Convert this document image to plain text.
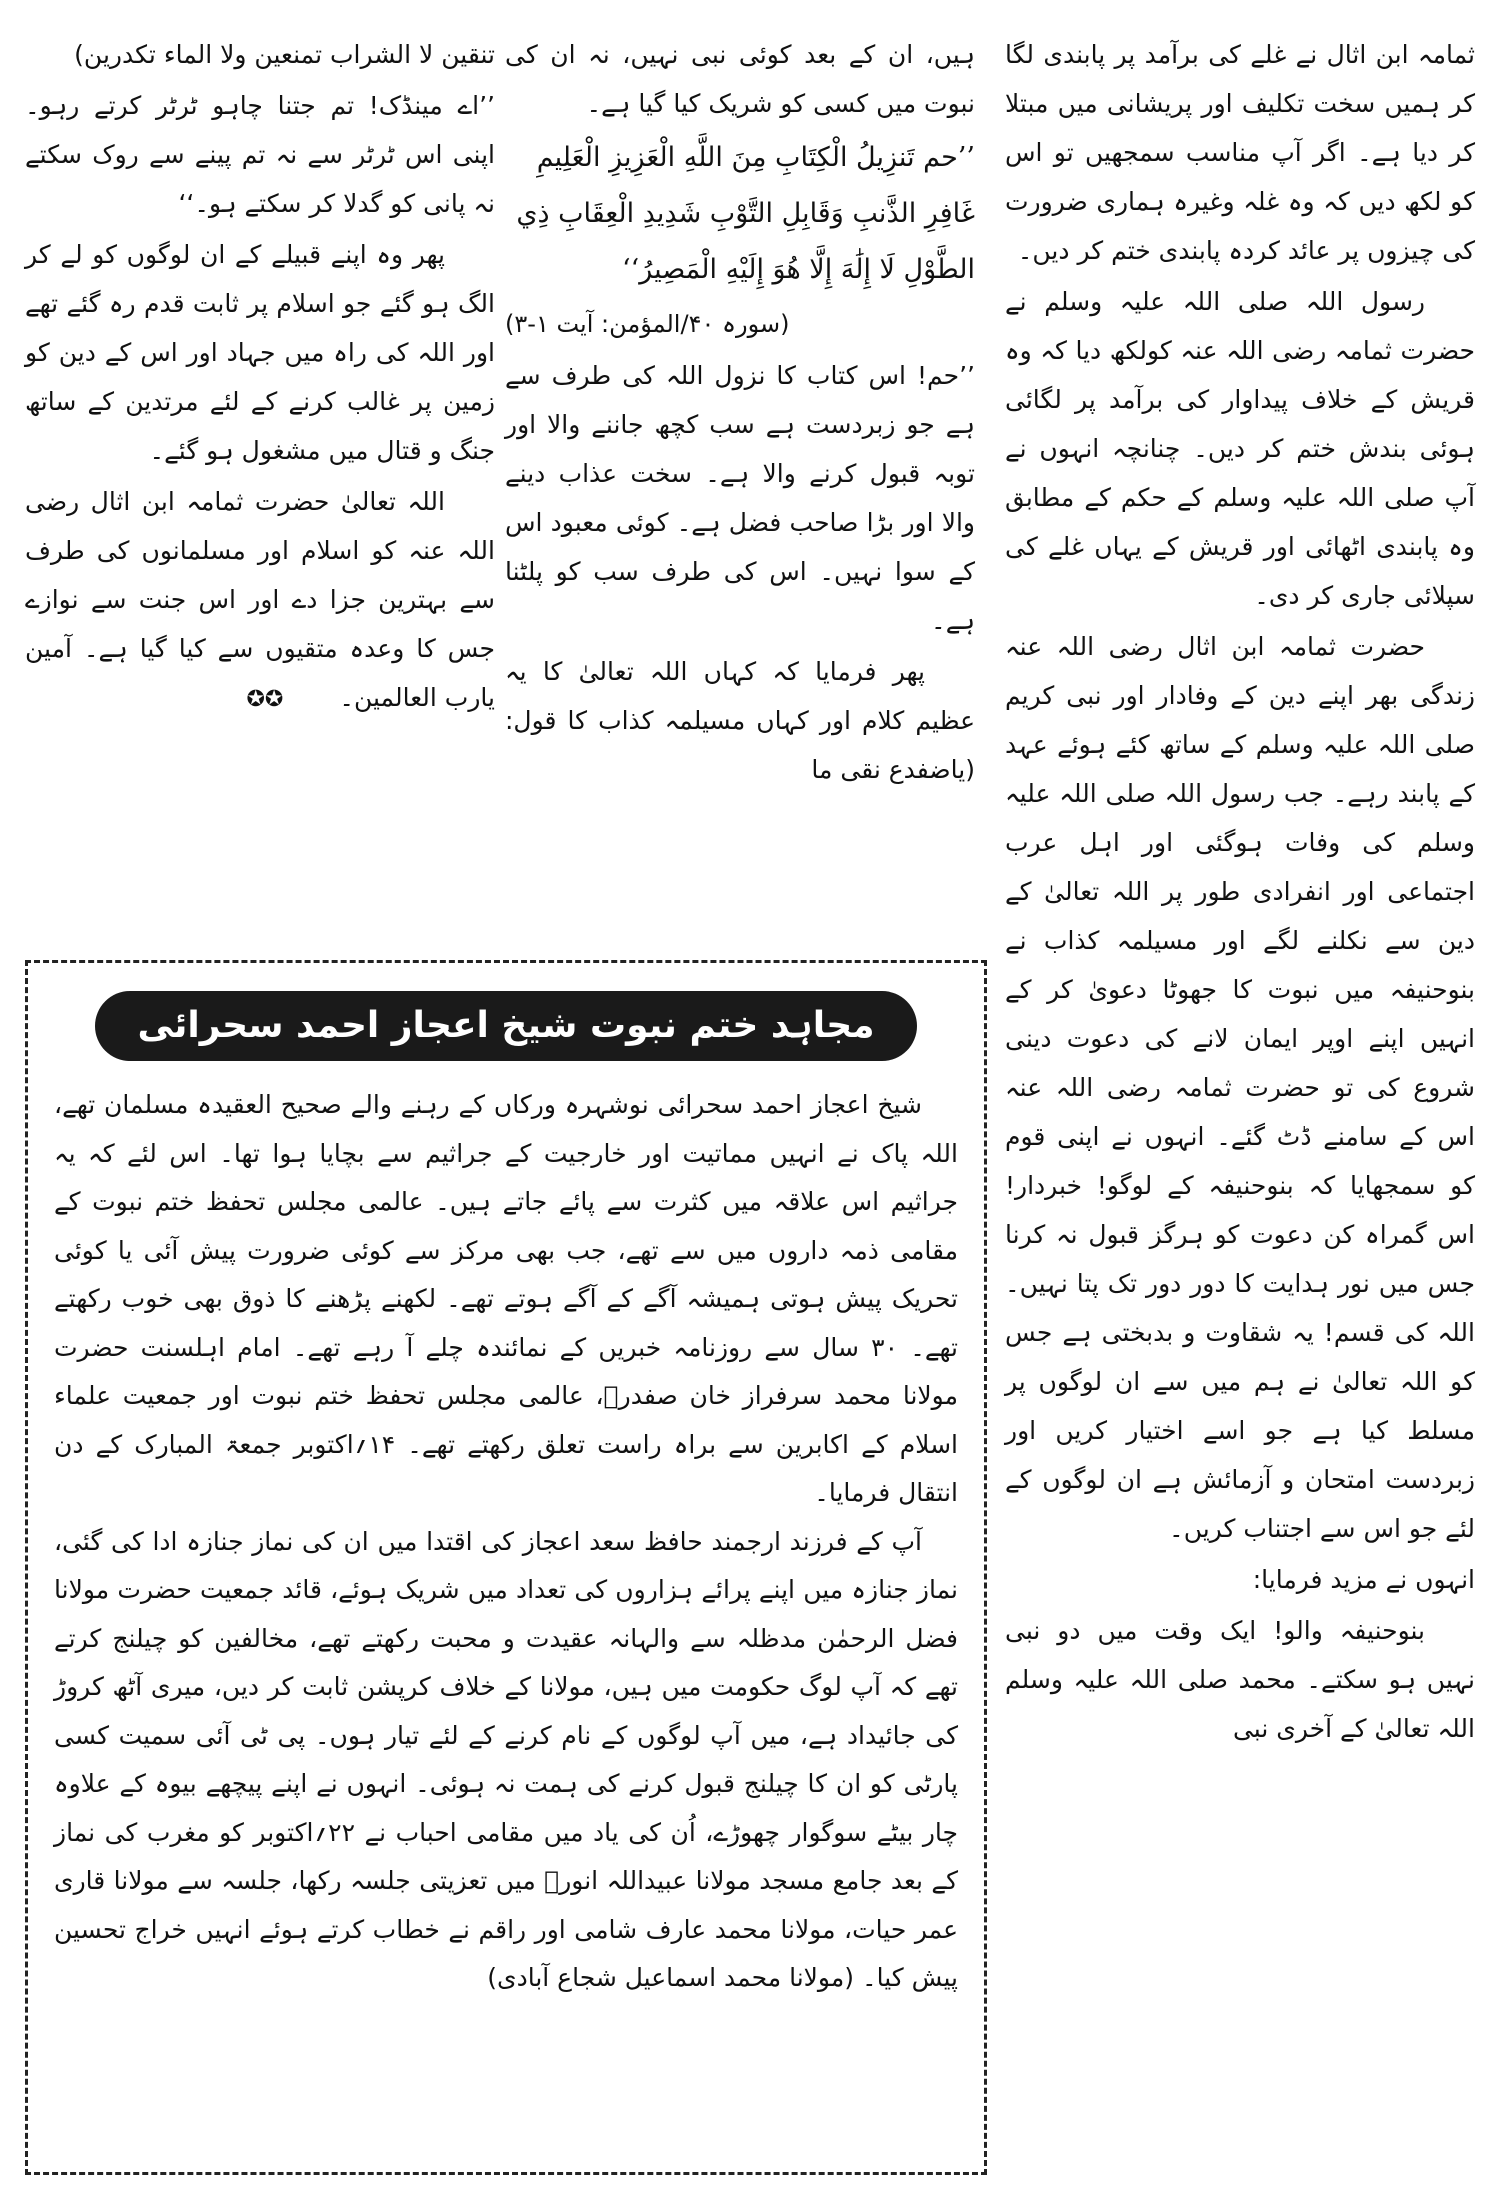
ثمامہ ابن اثال نے غلے کی برآمد پر پابندی لگا کر ہمیں سخت تکلیف اور پریشانی میں مبتلا کر دیا ہے۔ اگر آپ مناسب سمجھیں تو اس کو لکھ دیں کہ وہ غلہ وغیرہ ہماری ضرورت کی چیزوں پر عائد کردہ پابندی ختم کر دیں۔

رسول اللہ صلی اللہ علیہ وسلم نے حضرت ثمامہ رضی اللہ عنہ کولکھ دیا کہ وہ قریش کے خلاف پیداوار کی برآمد پر لگائی ہوئی بندش ختم کر دیں۔ چنانچہ انہوں نے آپ صلی اللہ علیہ وسلم کے حکم کے مطابق وہ پابندی اٹھائی اور قریش کے یہاں غلے کی سپلائی جاری کر دی۔

حضرت ثمامہ ابن اثال رضی اللہ عنہ زندگی بھر اپنے دین کے وفادار اور نبی کریم صلی اللہ علیہ وسلم کے ساتھ کئے ہوئے عہد کے پابند رہے۔ جب رسول اللہ صلی اللہ علیہ وسلم کی وفات ہوگئی اور اہل عرب اجتماعی اور انفرادی طور پر اللہ تعالیٰ کے دین سے نکلنے لگے اور مسیلمہ کذاب نے بنوحنیفہ میں نبوت کا جھوٹا دعویٰ کر کے انہیں اپنے اوپر ایمان لانے کی دعوت دینی شروع کی تو حضرت ثمامہ رضی اللہ عنہ اس کے سامنے ڈٹ گئے۔ انہوں نے اپنی قوم کو سمجھایا کہ بنوحنیفہ کے لوگو! خبردار! اس گمراہ کن دعوت کو ہرگز قبول نہ کرنا جس میں نور ہدایت کا دور دور تک پتا نہیں۔ اللہ کی قسم! یہ شقاوت و بدبختی ہے جس کو اللہ تعالیٰ نے ہم میں سے ان لوگوں پر مسلط کیا ہے جو اسے اختیار کریں اور زبردست امتحان و آزمائش ہے ان لوگوں کے لئے جو اس سے اجتناب کریں۔

انہوں نے مزید فرمایا:

بنوحنیفہ والو! ایک وقت میں دو نبی نہیں ہو سکتے۔ محمد صلی اللہ علیہ وسلم اللہ تعالیٰ کے آخری نبی

ہیں، ان کے بعد کوئی نبی نہیں، نہ ان کی نبوت میں کسی کو شریک کیا گیا ہے۔

’’حم تَنزِيلُ الْكِتَابِ مِنَ اللَّهِ الْعَزِيزِ الْعَلِيمِ غَافِرِ الذَّنبِ وَقَابِلِ التَّوْبِ شَدِيدِ الْعِقَابِ ذِي الطَّوْلِ لَا إِلَٰهَ إِلَّا هُوَ إِلَيْهِ الْمَصِيرُ‘‘

(سورہ ۴۰/المؤمن: آیت ۱-۳)

’’حم! اس کتاب کا نزول اللہ کی طرف سے ہے جو زبردست ہے سب کچھ جاننے والا اور توبہ قبول کرنے والا ہے۔ سخت عذاب دینے والا اور بڑا صاحب فضل ہے۔ کوئی معبود اس کے سوا نہیں۔ اس کی طرف سب کو پلٹنا ہے۔

پھر فرمایا کہ کہاں اللہ تعالیٰ کا یہ عظیم کلام اور کہاں مسیلمہ کذاب کا قول: (یاضفدع نقی ما

تنقین لا الشراب تمنعین ولا الماء تکدرین)

’’اے مینڈک! تم جتنا چاہو ٹرٹر کرتے رہو۔ اپنی اس ٹرٹر سے نہ تم پینے سے روک سکتے نہ پانی کو گدلا کر سکتے ہو۔‘‘

پھر وہ اپنے قبیلے کے ان لوگوں کو لے کر الگ ہو گئے جو اسلام پر ثابت قدم رہ گئے تھے اور اللہ کی راہ میں جہاد اور اس کے دین کو زمین پر غالب کرنے کے لئے مرتدین کے ساتھ جنگ و قتال میں مشغول ہو گئے۔

اللہ تعالیٰ حضرت ثمامہ ابن اثال رضی اللہ عنہ کو اسلام اور مسلمانوں کی طرف سے بہترین جزا دے اور اس جنت سے نوازے جس کا وعدہ متقیوں سے کیا گیا ہے۔ آمین یارب العالمین۔✪✪

مجاہد ختم نبوت شیخ اعجاز احمد سحرائی

شیخ اعجاز احمد سحرائی نوشہرہ ورکاں کے رہنے والے صحیح العقیدہ مسلمان تھے، اللہ پاک نے انہیں مماتیت اور خارجیت کے جراثیم سے بچایا ہوا تھا۔ اس لئے کہ یہ جراثیم اس علاقہ میں کثرت سے پائے جاتے ہیں۔ عالمی مجلس تحفظ ختم نبوت کے مقامی ذمہ داروں میں سے تھے، جب بھی مرکز سے کوئی ضرورت پیش آئی یا کوئی تحریک پیش ہوتی ہمیشہ آگے کے آگے ہوتے تھے۔ لکھنے پڑھنے کا ذوق بھی خوب رکھتے تھے۔ ۳۰ سال سے روزنامہ خبریں کے نمائندہ چلے آ رہے تھے۔ امام اہلسنت حضرت مولانا محمد سرفراز خان صفدرؒ، عالمی مجلس تحفظ ختم نبوت اور جمعیت علماء اسلام کے اکابرین سے براہ راست تعلق رکھتے تھے۔ ۱۴؍اکتوبر جمعۃ المبارک کے دن انتقال فرمایا۔

آپ کے فرزند ارجمند حافظ سعد اعجاز کی اقتدا میں ان کی نماز جنازہ ادا کی گئی، نماز جنازہ میں اپنے پرائے ہزاروں کی تعداد میں شریک ہوئے، قائد جمعیت حضرت مولانا فضل الرحمٰن مدظلہ سے والہانہ عقیدت و محبت رکھتے تھے، مخالفین کو چیلنج کرتے تھے کہ آپ لوگ حکومت میں ہیں، مولانا کے خلاف کرپشن ثابت کر دیں، میری آٹھ کروڑ کی جائیداد ہے، میں آپ لوگوں کے نام کرنے کے لئے تیار ہوں۔ پی ٹی آئی سمیت کسی پارٹی کو ان کا چیلنج قبول کرنے کی ہمت نہ ہوئی۔ انہوں نے اپنے پیچھے بیوہ کے علاوہ چار بیٹے سوگوار چھوڑے، اُن کی یاد میں مقامی احباب نے ۲۲؍اکتوبر کو مغرب کی نماز کے بعد جامع مسجد مولانا عبیداللہ انورؒ میں تعزیتی جلسہ رکھا، جلسہ سے مولانا قاری عمر حیات، مولانا محمد عارف شامی اور راقم نے خطاب کرتے ہوئے انہیں خراج تحسین پیش کیا۔ (مولانا محمد اسماعیل شجاع آبادی)
